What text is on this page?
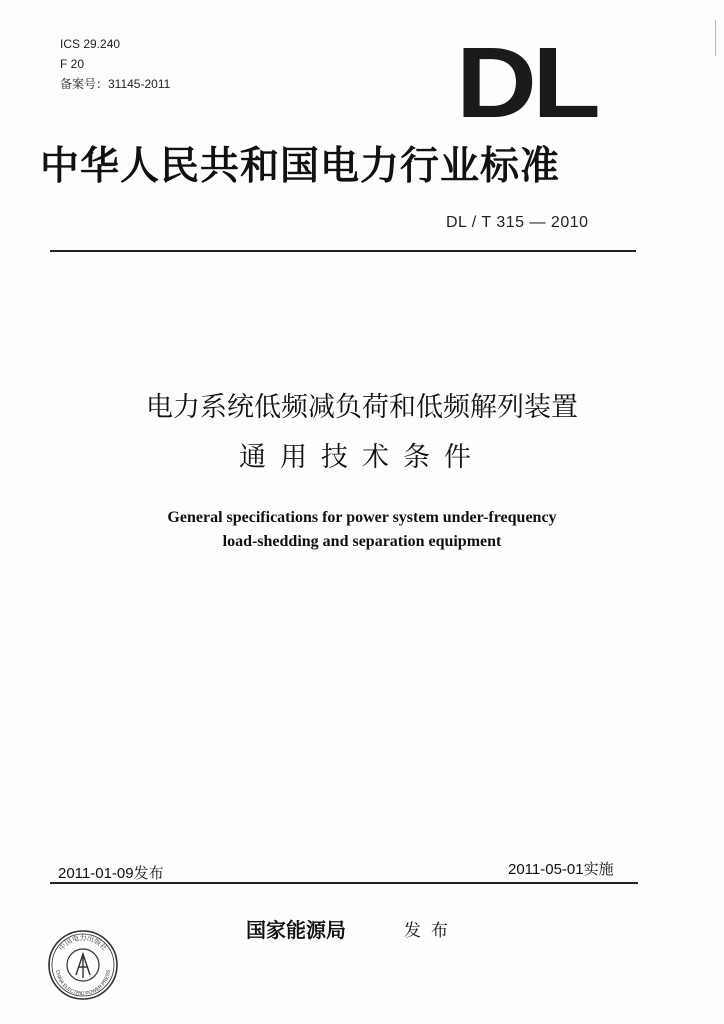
ICS 29.240
F 20
备案号：31145-2011	DL
中华人民共和国电力行业标准
DL / T 315 — 2010
电力系统低频减负荷和低频解列装置
通用技术条件
General specifications for power system under-frequency
load-shedding and separation equipment
2011-01-09发布	2011-05-01实施
国家能源局	发布
中国电力出版社
CHINA ELECTRIC POWER PRESS
